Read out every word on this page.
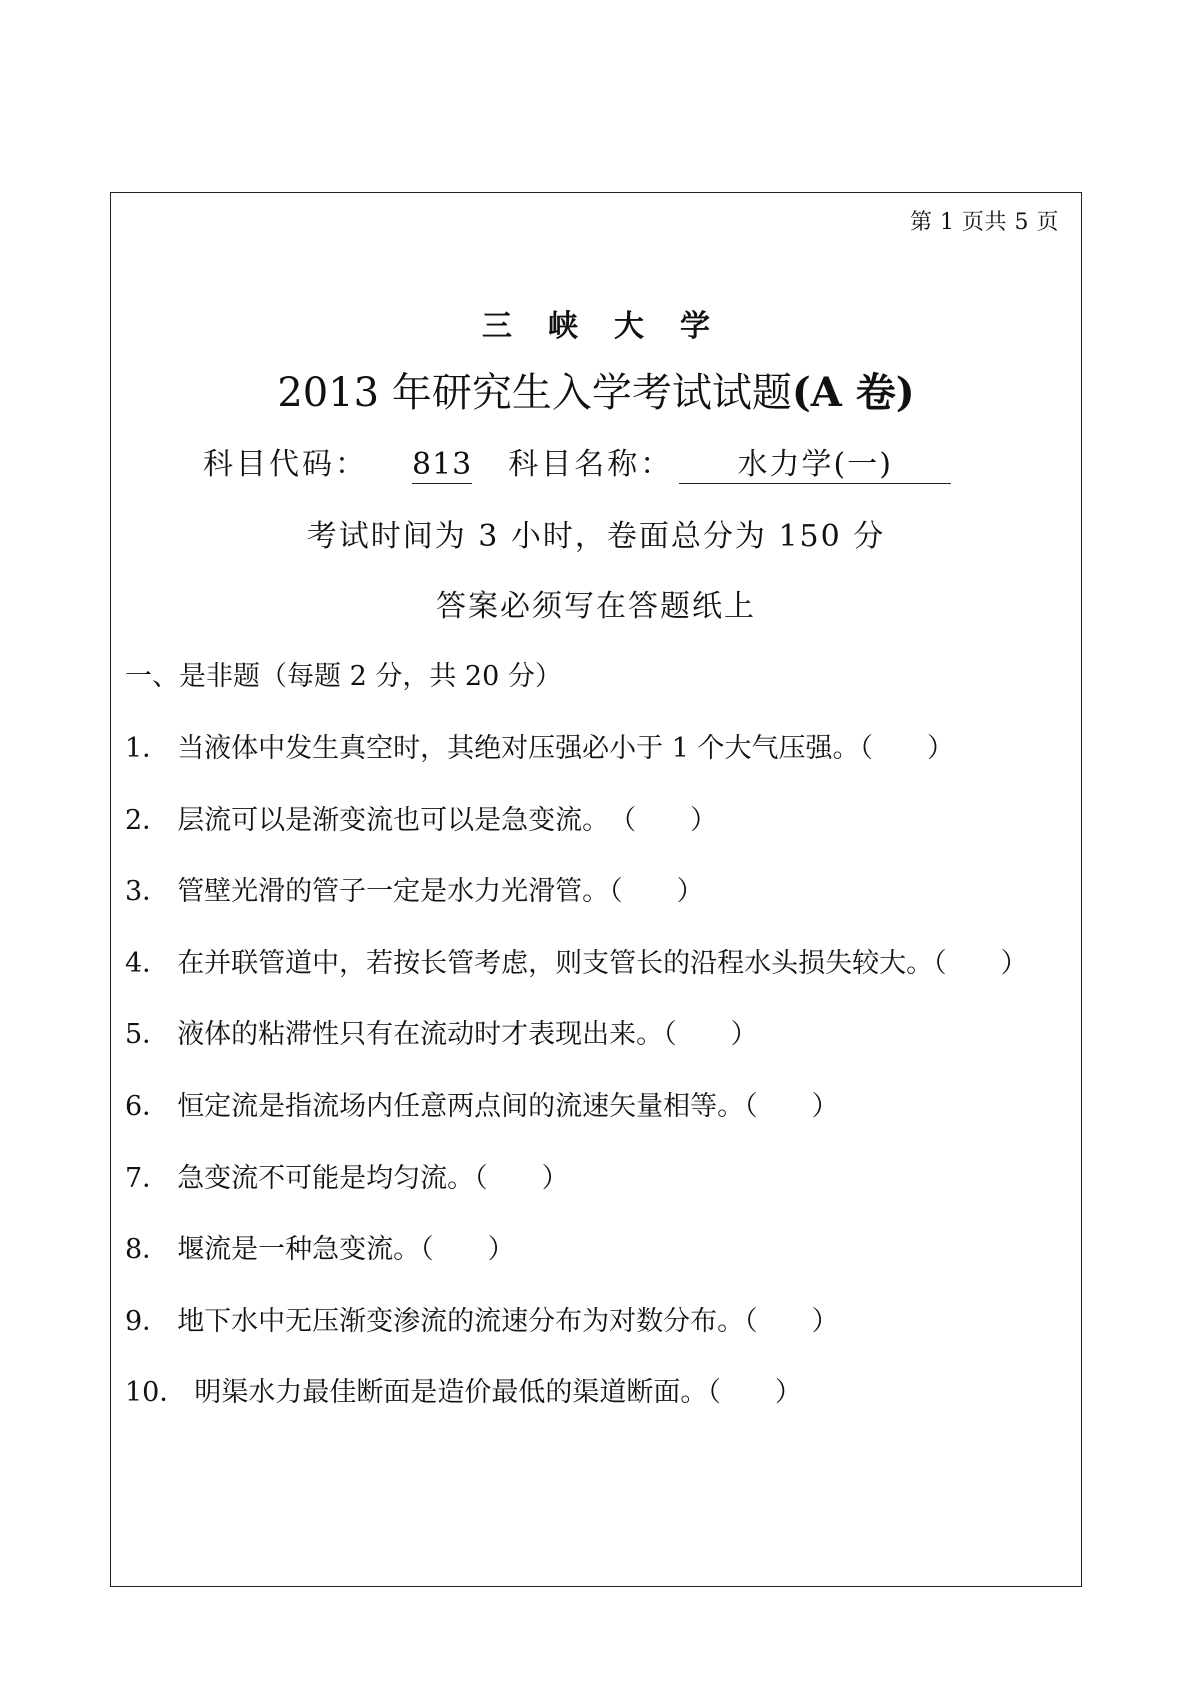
第 1 页共 5 页
三峡大学
2013 年研究生入学考试试题(A 卷)
科目代码： 813 科目名称： 水力学(一)
考试时间为 3 小时，卷面总分为 150 分
答案必须写在答题纸上
一、是非题（每题 2 分，共 20 分）
1． 当液体中发生真空时，其绝对压强必小于 1 个大气压强。（　　）
2． 层流可以是渐变流也可以是急变流。　（　　）
3． 管壁光滑的管子一定是水力光滑管。（　　）
4． 在并联管道中，若按长管考虑，则支管长的沿程水头损失较大。（　　）
5． 液体的粘滞性只有在流动时才表现出来。（　　）
6． 恒定流是指流场内任意两点间的流速矢量相等。（　　）
7． 急变流不可能是均匀流。（　　）
8． 堰流是一种急变流。（　　）
9． 地下水中无压渐变渗流的流速分布为对数分布。（　　）
10． 明渠水力最佳断面是造价最低的渠道断面。（　　）
